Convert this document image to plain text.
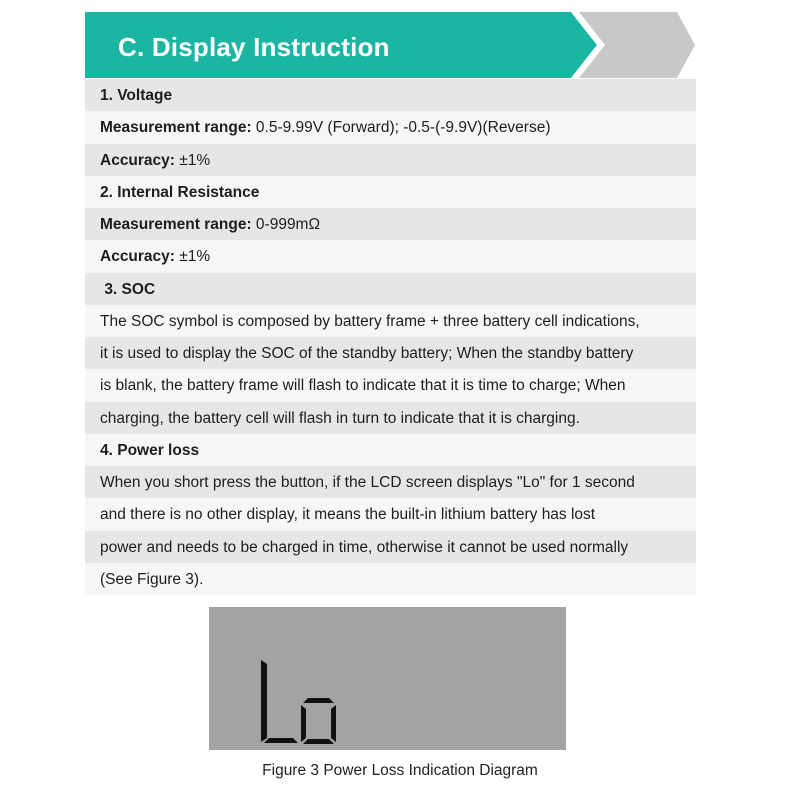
C. Display Instruction
1. Voltage
Measurement range: 0.5-9.99V (Forward); -0.5-(-9.9V)(Reverse)
Accuracy: ±1%
2. Internal Resistance
Measurement range: 0-999mΩ
Accuracy: ±1%
3. SOC
The SOC symbol is composed by battery frame + three battery cell indications,
it is used to display the SOC of the standby battery; When the standby battery
is blank, the battery frame will flash to indicate that it is time to charge; When
charging, the battery cell will flash in turn to indicate that it is charging.
4. Power loss
When you short press the button, if the LCD screen displays "Lo" for 1 second
and there is no other display, it means the built-in lithium battery has lost
power and needs to be charged in time, otherwise it cannot be used normally
(See Figure 3).
Figure 3 Power Loss Indication Diagram
